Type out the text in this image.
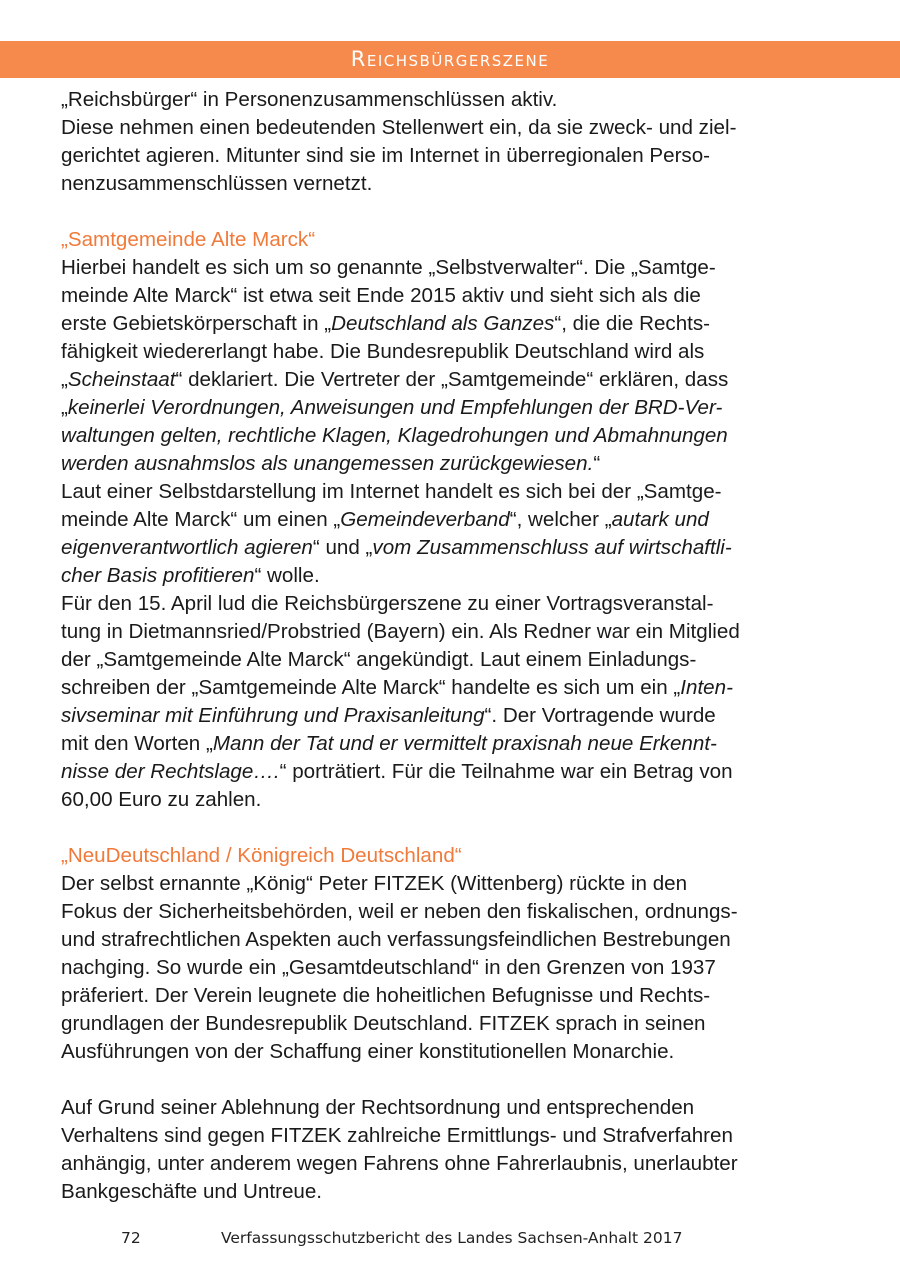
Reichsbürgerszene

„Reichsbürger“ in Personenzusammenschlüssen aktiv.

Diese nehmen einen bedeutenden Stellenwert ein, da sie zweck- und ziel-

gerichtet agieren. Mitunter sind sie im Internet in überregionalen Perso-

nenzusammenschlüssen vernetzt.

„Samtgemeinde Alte Marck“

Hierbei handelt es sich um so genannte „Selbstverwalter“. Die „Samtge-

meinde Alte Marck“ ist etwa seit Ende 2015 aktiv und sieht sich als die

erste Gebietskörperschaft in „Deutschland als Ganzes“, die die Rechts-

fähigkeit wiedererlangt habe. Die Bundesrepublik Deutschland wird als

„Scheinstaat“ deklariert. Die Vertreter der „Samtgemeinde“ erklären, dass

„keinerlei Verordnungen, Anweisungen und Empfehlungen der BRD-Ver-

waltungen gelten, rechtliche Klagen, Klagedrohungen und Abmahnungen

werden ausnahmslos als unangemessen zurückgewiesen.“

Laut einer Selbstdarstellung im Internet handelt es sich bei der „Samtge-

meinde Alte Marck“ um einen „Gemeindeverband“, welcher „autark und

eigenverantwortlich agieren“ und „vom Zusammenschluss auf wirtschaftli-

cher Basis profitieren“ wolle.

Für den 15. April lud die Reichsbürgerszene zu einer Vortragsveranstal-

tung in Dietmannsried/Probstried (Bayern) ein. Als Redner war ein Mitglied

der „Samtgemeinde Alte Marck“ angekündigt. Laut einem Einladungs-

schreiben der „Samtgemeinde Alte Marck“ handelte es sich um ein „Inten-

sivseminar mit Einführung und Praxisanleitung“. Der Vortragende wurde

mit den Worten „Mann der Tat und er vermittelt praxisnah neue Erkennt-

nisse der Rechtslage….“ porträtiert. Für die Teilnahme war ein Betrag von

60,00 Euro zu zahlen.

„NeuDeutschland / Königreich Deutschland“

Der selbst ernannte „König“ Peter FITZEK (Wittenberg) rückte in den

Fokus der Sicherheitsbehörden, weil er neben den fiskalischen, ordnungs-

und strafrechtlichen Aspekten auch verfassungsfeindlichen Bestrebungen

nachging. So wurde ein „Gesamtdeutschland“ in den Grenzen von 1937

präferiert. Der Verein leugnete die hoheitlichen Befugnisse und Rechts-

grundlagen der Bundesrepublik Deutschland. FITZEK sprach in seinen

Ausführungen von der Schaffung einer konstitutionellen Monarchie.

Auf Grund seiner Ablehnung der Rechtsordnung und entsprechenden

Verhaltens sind gegen FITZEK zahlreiche Ermittlungs- und Strafverfahren

anhängig, unter anderem wegen Fahrens ohne Fahrerlaubnis, unerlaubter

Bankgeschäfte und Untreue.

72	Verfassungsschutzbericht des Landes Sachsen-Anhalt 2017
